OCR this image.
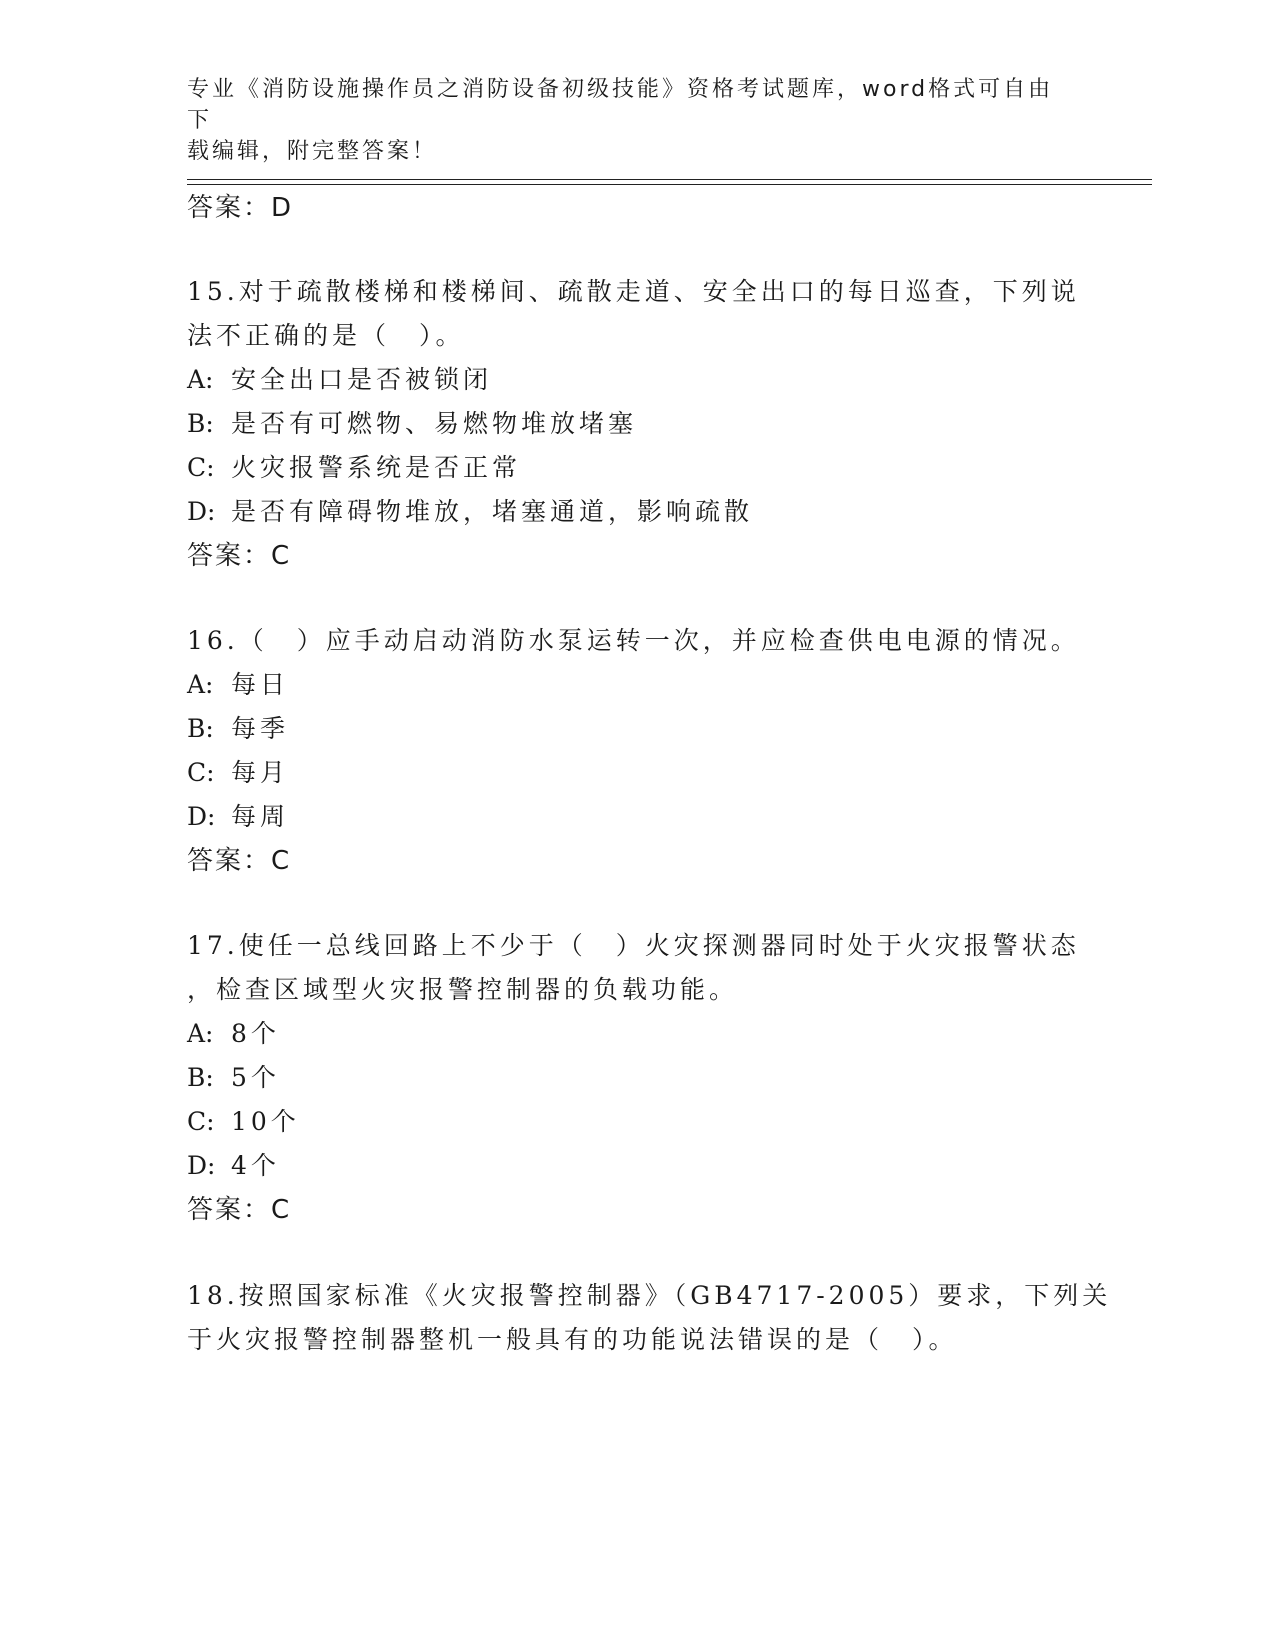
专业《消防设施操作员之消防设备初级技能》资格考试题库，word格式可自由下
载编辑，附完整答案！
答案：D
15.对于疏散楼梯和楼梯间、疏散走道、安全出口的每日巡查，下列说
法不正确的是（　）。
A: 安全出口是否被锁闭
B: 是否有可燃物、易燃物堆放堵塞
C: 火灾报警系统是否正常
D: 是否有障碍物堆放，堵塞通道，影响疏散
答案：C
16.（　）应手动启动消防水泵运转一次，并应检查供电电源的情况。
A: 每日
B: 每季
C: 每月
D: 每周
答案：C
17.使任一总线回路上不少于（　）火灾探测器同时处于火灾报警状态
，检查区域型火灾报警控制器的负载功能。
A: 8个
B: 5个
C: 10个
D: 4个
答案：C
18.按照国家标准《火灾报警控制器》（GB4717-2005）要求，下列关
于火灾报警控制器整机一般具有的功能说法错误的是（　）。
